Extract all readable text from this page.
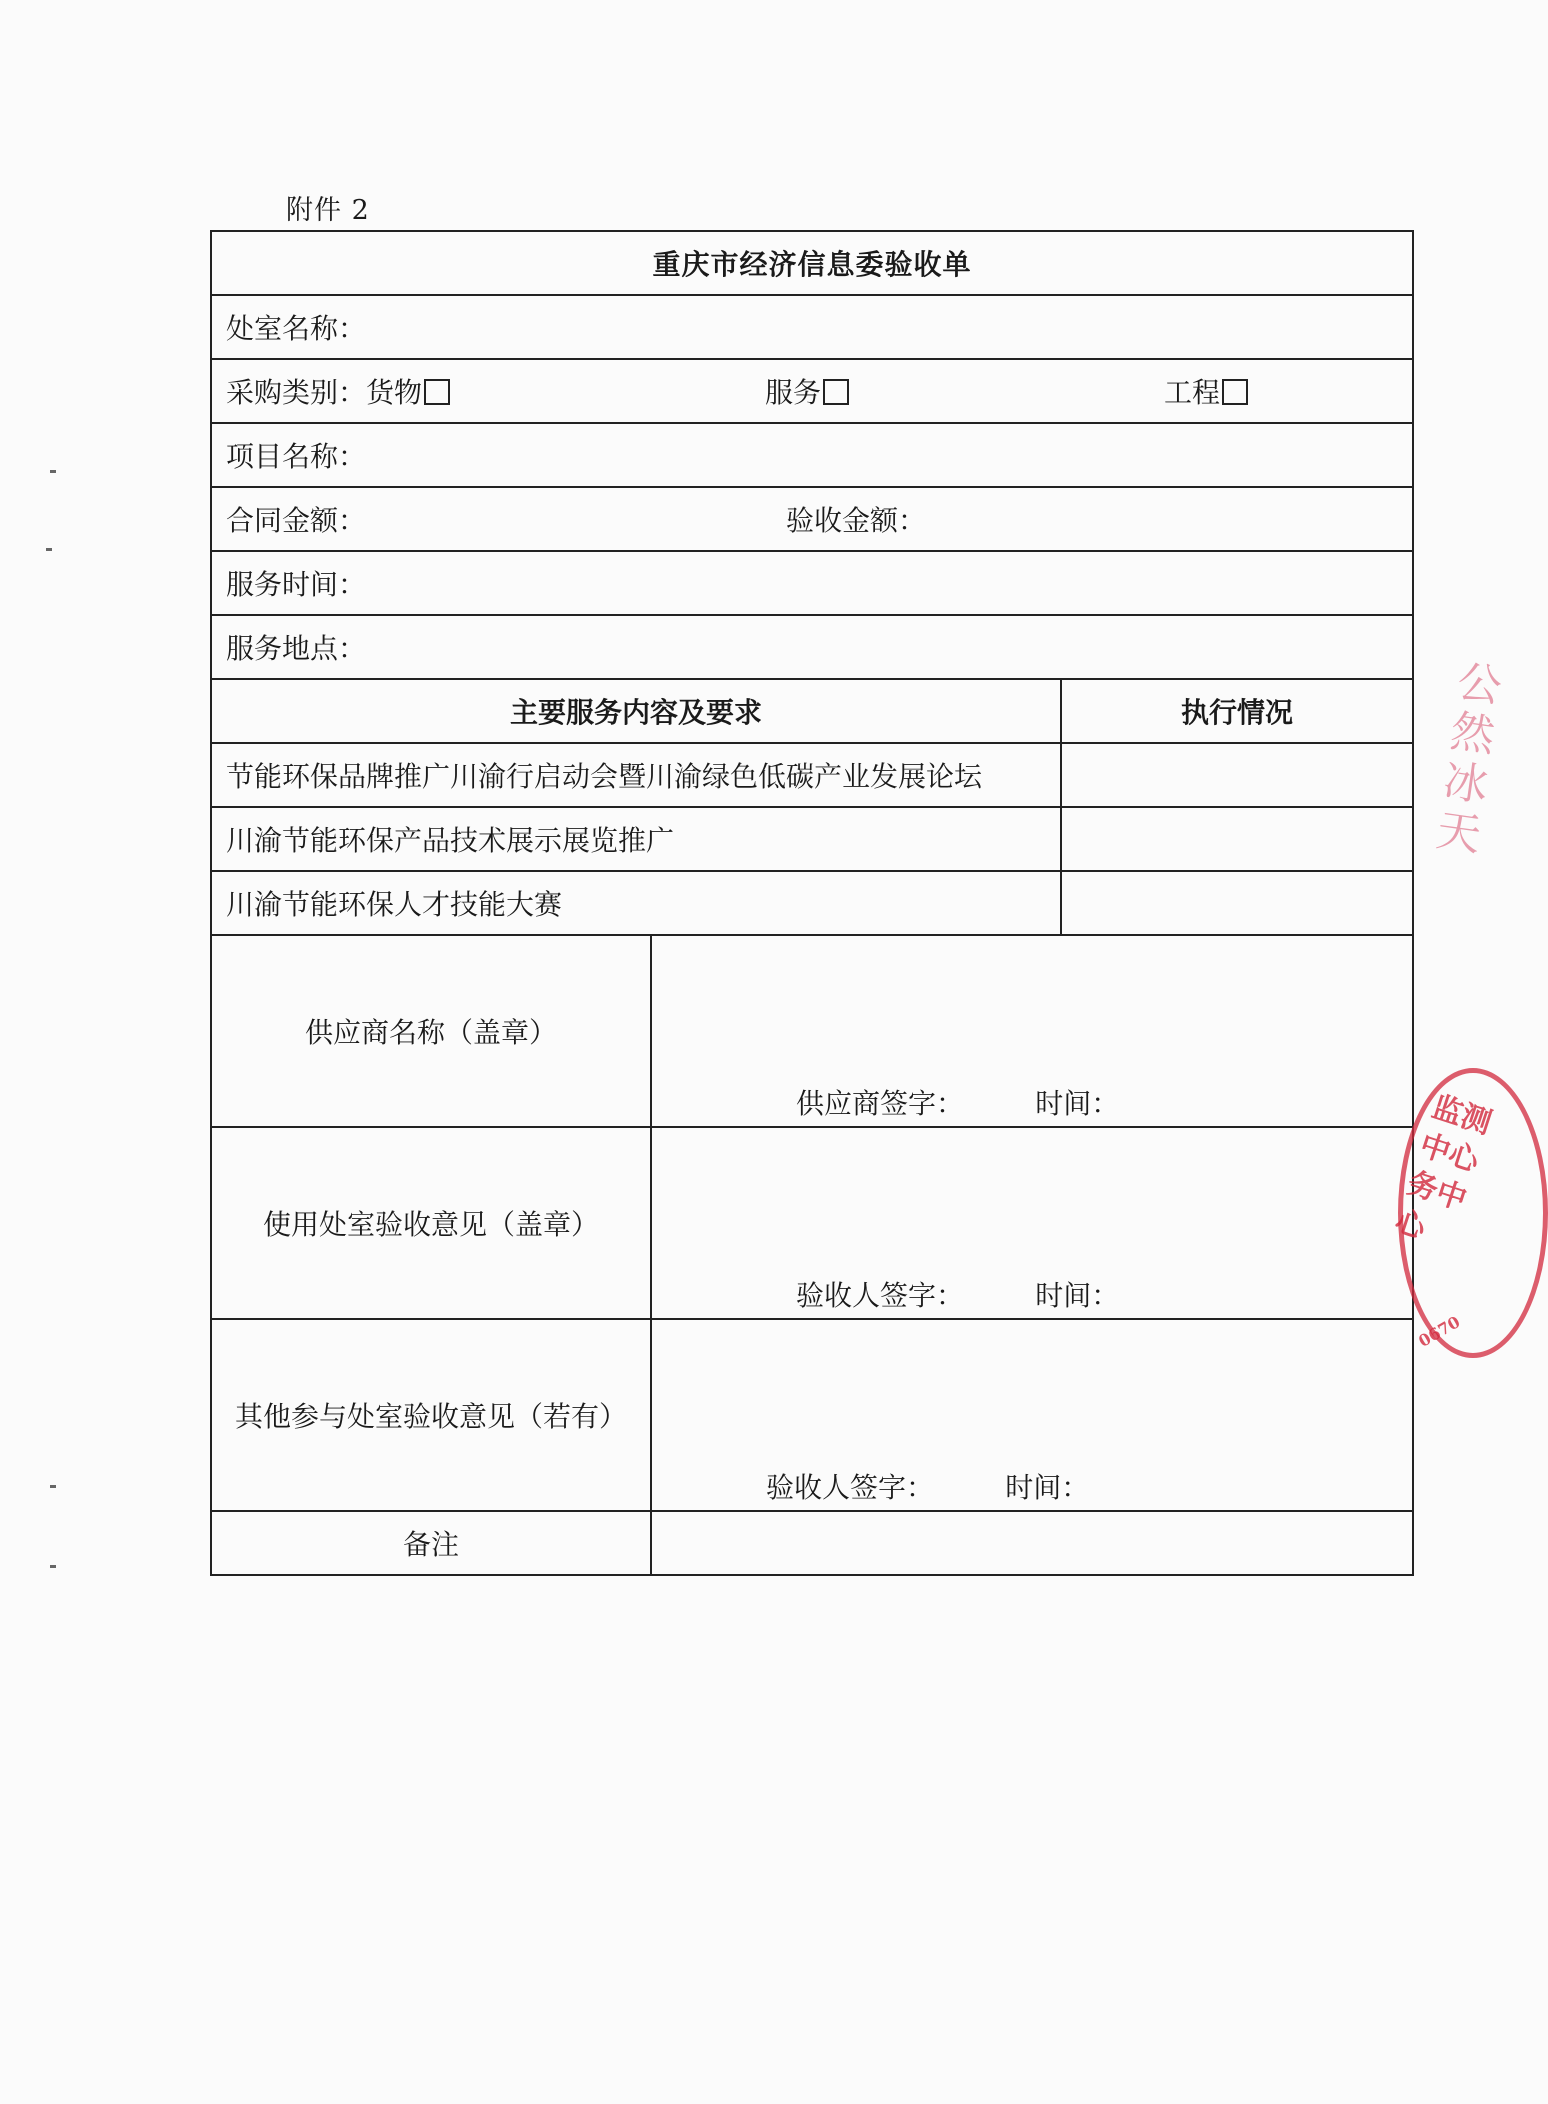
附件 2
重庆市经济信息委验收单		
处室名称：		

采购类别：货物 服务 工程		

项目名称：		

合同金额： 验收金额：		

服务时间：		
服务地点：		
主要服务内容及要求		执行情况
节能环保品牌推广川渝行启动会暨川渝绿色低碳产业发展论坛		
川渝节能环保产品技术展示展览推广		
川渝节能环保人才技能大赛		
供应商名称（盖章）	供应商签字：        时间：	
使用处室验收意见（盖章）	验收人签字：        时间：	
其他参与处室验收意见（若有）	验收人签字：        时间：	
备注		
公然冰天
监测中心务中心
0670
